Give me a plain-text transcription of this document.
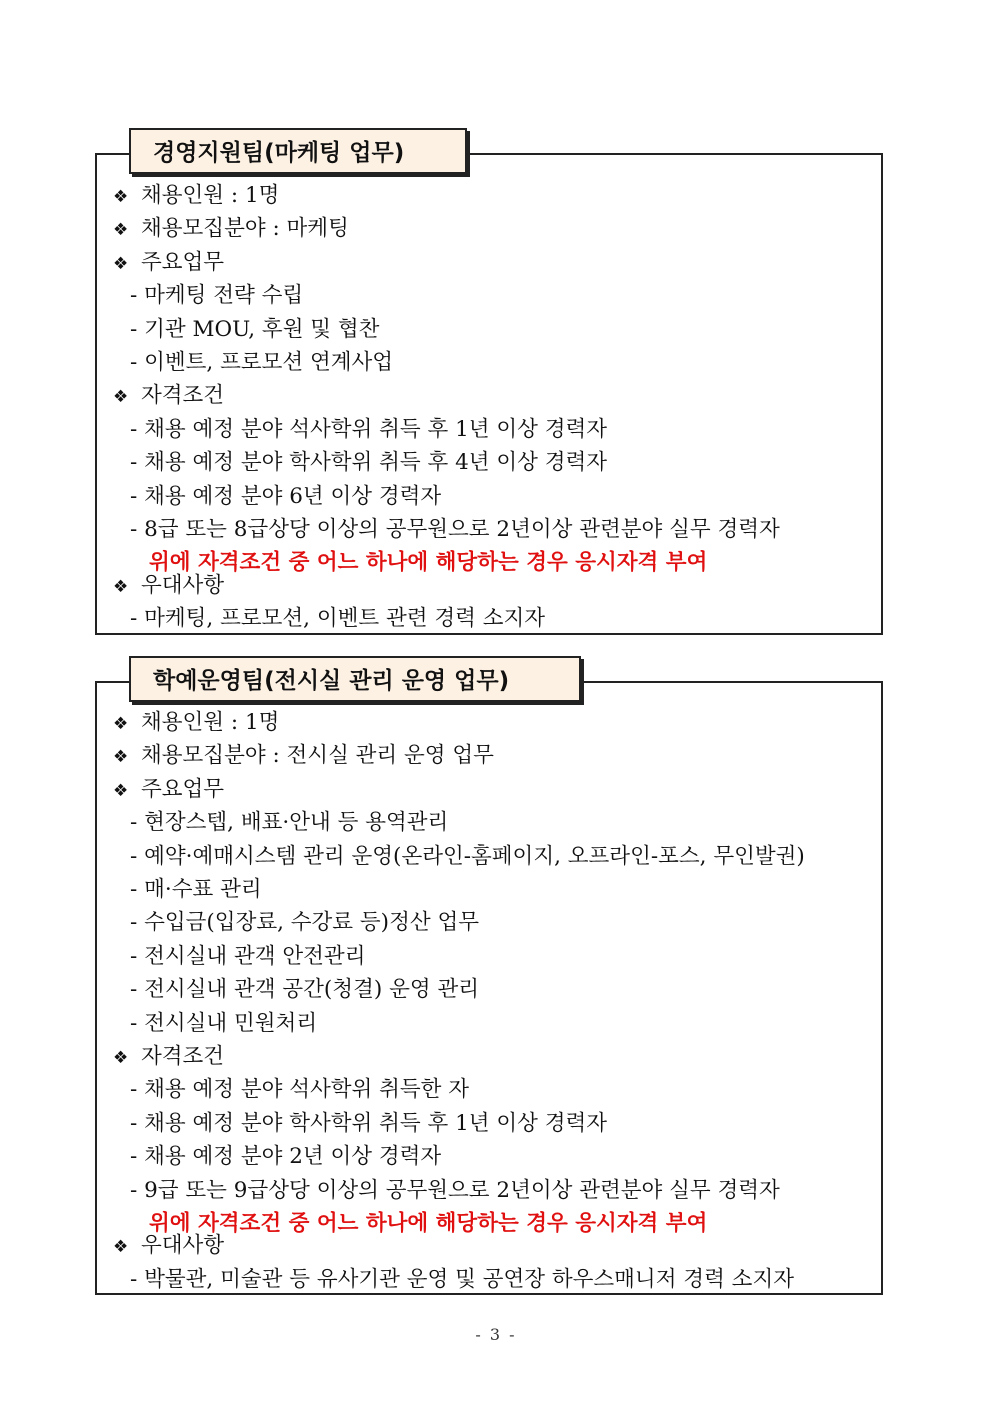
경영지원팀(마케팅 업무)
❖ 채용인원 : 1명
❖ 채용모집분야 : 마케팅
❖ 주요업무
- 마케팅 전략 수립
- 기관 MOU, 후원 및 협찬
- 이벤트, 프로모션 연계사업
❖ 자격조건
- 채용 예정 분야 석사학위 취득 후 1년 이상 경력자
- 채용 예정 분야 학사학위 취득 후 4년 이상 경력자
- 채용 예정 분야 6년 이상 경력자
- 8급 또는 8급상당 이상의 공무원으로 2년이상 관련분야 실무 경력자
위에 자격조건 중 어느 하나에 해당하는 경우 응시자격 부여
❖ 우대사항
- 마케팅, 프로모션, 이벤트 관련 경력 소지자
학예운영팀(전시실 관리 운영 업무)
❖ 채용인원 : 1명
❖ 채용모집분야 : 전시실 관리 운영 업무
❖ 주요업무
- 현장스텝, 배표·안내 등 용역관리
- 예약·예매시스템 관리 운영(온라인-홈페이지, 오프라인-포스, 무인발권)
- 매·수표 관리
- 수입금(입장료, 수강료 등)정산 업무
- 전시실내 관객 안전관리
- 전시실내 관객 공간(청결) 운영 관리
- 전시실내 민원처리
❖ 자격조건
- 채용 예정 분야 석사학위 취득한 자
- 채용 예정 분야 학사학위 취득 후 1년 이상 경력자
- 채용 예정 분야 2년 이상 경력자
- 9급 또는 9급상당 이상의 공무원으로 2년이상 관련분야 실무 경력자
위에 자격조건 중 어느 하나에 해당하는 경우 응시자격 부여
❖ 우대사항
- 박물관, 미술관 등 유사기관 운영 및 공연장 하우스매니저 경력 소지자
- 3 -
